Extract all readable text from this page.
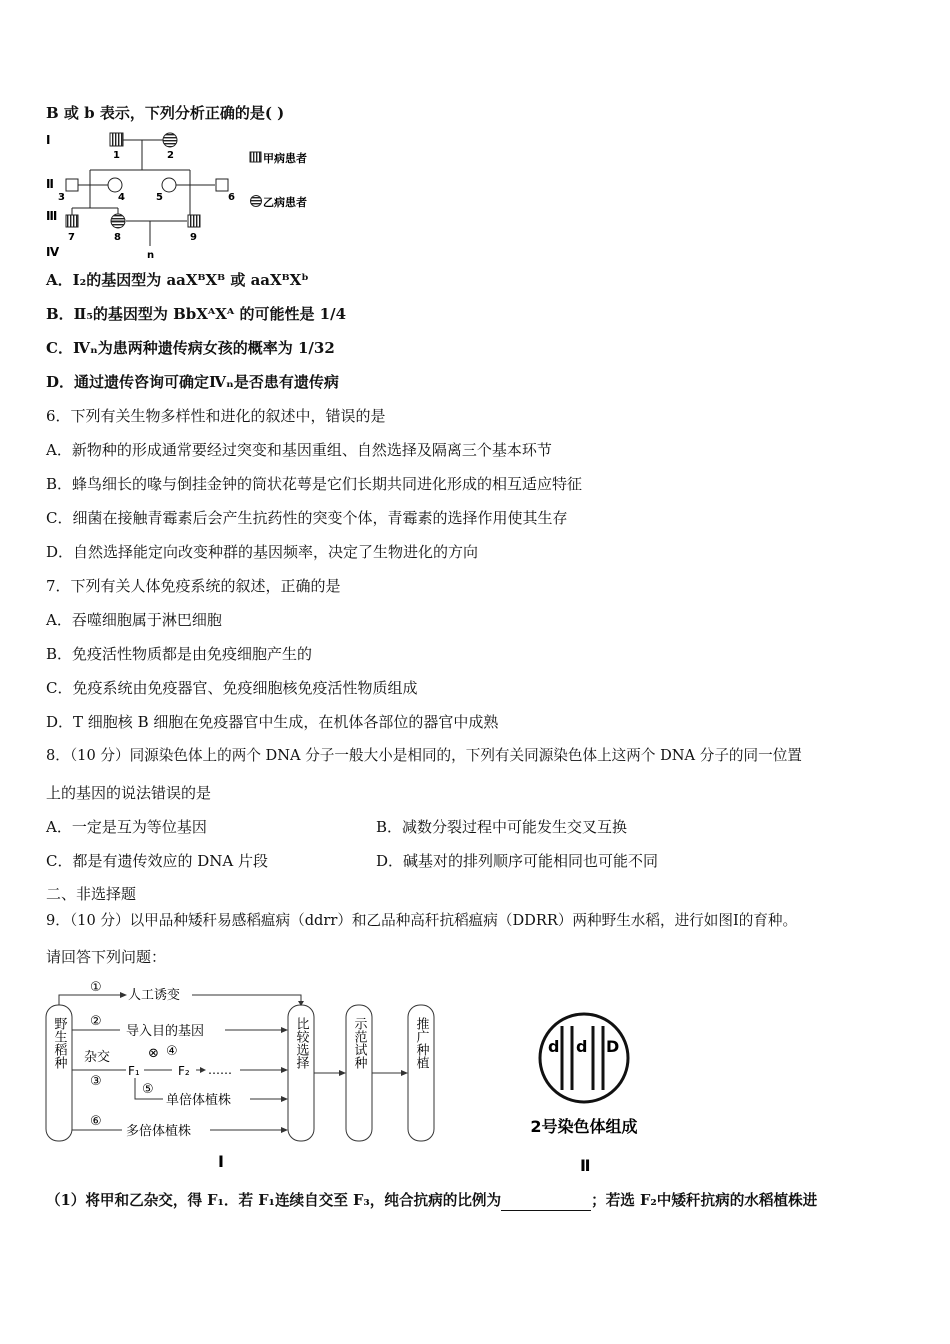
B 或 b 表示，下列分析正确的是( )
Ⅰ
Ⅱ
Ⅲ
Ⅳ
1	2
3	4	5	6
7	8	9
n
甲病患者
乙病患者
A．Ⅰ₂的基因型为 aaXᴮXᴮ 或 aaXᴮXᵇ
B．Ⅱ₅的基因型为 BbXᴬXᴬ 的可能性是 1/4
C．Ⅳₙ为患两种遗传病女孩的概率为 1/32
D．通过遗传咨询可确定Ⅳₙ是否患有遗传病
6．下列有关生物多样性和进化的叙述中，错误的是
A．新物种的形成通常要经过突变和基因重组、自然选择及隔离三个基本环节
B．蜂鸟细长的喙与倒挂金钟的筒状花萼是它们长期共同进化形成的相互适应特征
C．细菌在接触青霉素后会产生抗药性的突变个体，青霉素的选择作用使其生存
D．自然选择能定向改变种群的基因频率，决定了生物进化的方向
7．下列有关人体免疫系统的叙述，正确的是
A．吞噬细胞属于淋巴细胞
B．免疫活性物质都是由免疫细胞产生的
C．免疫系统由免疫器官、免疫细胞核免疫活性物质组成
D．T 细胞核 B 细胞在免疫器官中生成，在机体各部位的器官中成熟
8．（10 分）同源染色体上的两个 DNA 分子一般大小是相同的，下列有关同源染色体上这两个 DNA 分子的同一位置
上的基因的说法错误的是
A．一定是互为等位基因	B．减数分裂过程中可能发生交叉互换
C．都是有遗传效应的 DNA 片段	D．碱基对的排列顺序可能相同也可能不同
二、非选择题
9．（10 分）以甲品种矮秆易感稻瘟病（ddrr）和乙品种高秆抗稻瘟病（DDRR）两种野生水稻，进行如图Ⅰ的育种。
请回答下列问题：
野生稻种	比较选择	示范试种	推广种植
①
人工诱变
②
导入目的基因
杂交
③
F₁
⊗ ④
F₂ ……
⑤
单倍体植株
⑥
多倍体植株
Ⅰ
d d D
2号染色体组成
Ⅱ
（1）将甲和乙杂交，得 F₁．若 F₁连续自交至 F₃，纯合抗病的比例为	；若选 F₂中矮秆抗病的水稻植株进
